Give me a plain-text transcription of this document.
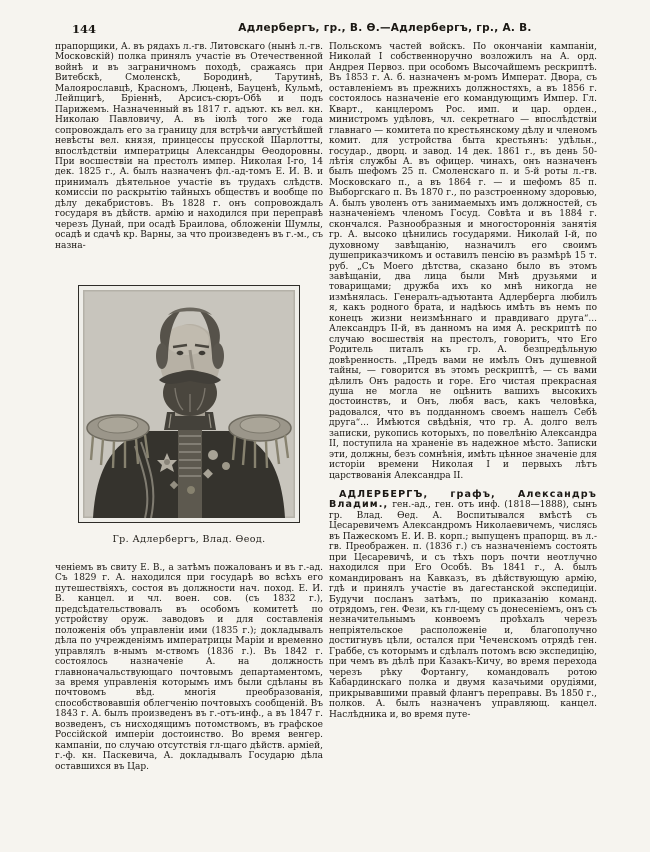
144	Адлербергъ, гр., В. Ѳ.—Адлербергъ, гр., А. В.
прапорщики, А. въ рядахъ л.-гв. Литовскаго (нынѣ л.-гв. Московскій) полка принялъ участіе въ Отечественной войнѣ и въ заграничномъ походѣ, сражаясь при Витебскѣ, Смоленскѣ, Бородинѣ, Тарутинѣ, Малоярославцѣ, Красномъ, Люценѣ, Бауценѣ, Кульмѣ, Лейпцигѣ, Бріеннѣ, Арсисъ-сюръ-Обѣ и подъ Парижемъ. Назначенный въ 1817 г. адъют. къ вел. кн. Николаю Павловичу, А. въ іюлѣ того же года сопровождалъ его за границу для встрѣчи августѣйшей невѣсты вел. князя, принцессы прусской Шарлотты, впослѣдствіи императрицы Александры Ѳеодоровны. При восшествіи на престолъ импер. Николая I-го, 14 дек. 1825 г., А. былъ назначенъ фл.-ад-томъ Е. И. В. и принималъ дѣятельное участіе въ трудахъ слѣдств. комиссіи по раскрытію тайныхъ обществъ и вообще по дѣлу декабристовъ. Въ 1828 г. онъ сопровождалъ государя въ дѣйств. армію и находился при переправѣ черезъ Дунай, при осадѣ Браилова, обложеніи Шумлы, осадѣ и сдачѣ кр. Варны, за что произведенъ въ г.-м., съ назна-
Гр. Адлербергъ, Влад. Ѳеод.
ченіемъ въ свиту Е. В., а затѣмъ пожалованъ и въ г.-ад. Съ 1829 г. А. находился при государѣ во всѣхъ его путешествіяхъ, состоя въ должности нач. поход. Е. И. В. канцел. и чл. воен. сов. (съ 1832 г.), предсѣдательствовалъ въ особомъ комитетѣ по устройству оруж. заводовъ и для составленія положенія объ управленіи ими (1835 г.); докладывалъ дѣла по учрежденіямъ императрицы Маріи и временно управлялъ в-нымъ м-ствомъ (1836 г.). Въ 1842 г. состоялось назначеніе А. на должность главноначальствующаго почтовымъ департаментомъ, за время управленія которымъ имъ были сдѣланы въ почтовомъ вѣд. многія преобразованія, способствовавшія облегченію почтовыхъ сообщеній. Въ 1843 г. А. былъ произведенъ въ г.-отъ-инф., а въ 1847 г. возведенъ, съ нисходящимъ потомствомъ, въ графское Россійской имперіи достоинство. Во время венгер. кампаніи, по случаю отсутствія гл-щаго дѣйств. арміей, г.-ф. кн. Паскевича, А. докладывалъ Государю дѣла оставшихся въ Цар.

Польскомъ частей войскъ. По окончаніи кампаніи, Николай I собственноручно возложилъ на А. орд. Андрея Первоз. при особомъ Высочайшемъ рескриптѣ. Въ 1853 г. А. б. назначенъ м-ромъ Императ. Двора, съ оставленіемъ въ прежнихъ должностяхъ, а въ 1856 г. состоялось назначеніе его командующимъ Импер. Гл. Кварт., канцлеромъ Рос. имп. и цар. орден., министромъ удѣловъ, чл. секретнаго — впослѣдствіи главнаго — комитета по крестьянскому дѣлу и членомъ комит. для устройства быта крестьянъ: удѣльн., государ., дворц. и завод. 14 дек. 1861 г., въ день 50-лѣтія службы А. въ офицер. чинахъ, онъ назначенъ былъ шефомъ 25 п. Смоленскаго п. и 5-й роты л.-гв. Московскаго п., а въ 1864 г. — и шефомъ 85 п. Выборгскаго п. Въ 1870 г., по разстроенному здоровью, А. былъ уволенъ отъ занимаемыхъ имъ должностей, съ назначеніемъ членомъ Госуд. Совѣта и въ 1884 г. скончался. Разнообразныя и многостороннія занятія гр. А. высоко цѣнились государями. Николай I-й, по духовному завѣщанію, назначилъ его своимъ душеприказчикомъ и оставилъ пенсію въ размѣрѣ 15 т. руб. „Съ Моего дѣтства, сказано было въ этомъ завѣщаніи, два лица были Мнѣ друзьями и товарищами; дружба ихъ ко мнѣ никогда не измѣнялась. Генералъ-адъютанта Адлерберга любилъ я, какъ родного брата, и надѣюсь имѣть въ немъ по конецъ жизни неизмѣннаго и правдиваго друга“... Александръ II-й, въ данномъ на имя А. рескриптѣ по случаю восшествія на престолъ, говоритъ, что Его Родитель питалъ къ гр. А. безпредѣльную довѣренность. „Предъ вами не имѣлъ Онъ душевной тайны, — говорится въ этомъ рескриптѣ, — съ вами дѣлилъ Онъ радость и горе. Его чистая прекрасная душа не могла не оцѣнить вашихъ высокихъ достоинствъ, и Онъ, любя васъ, какъ человѣка, радовался, что въ подданномъ своемъ нашелъ Себѣ друга“... Имѣются свѣдѣнія, что гр. А. долго велъ записки, рукопись которыхъ, по повелѣнію Александра II, поступила на храненіе въ надежное мѣсто. Записки эти, должны, безъ сомнѣнія, имѣть цѣнное значеніе для исторіи времени Николая I и первыхъ лѣтъ царствованія Александра II.

АДЛЕРБЕРГЪ, графъ, Александръ Владим., ген.-ад., ген. отъ инф. (1818—1888), сынъ гр. Влад. Ѳед. А. Воспитывался вмѣстѣ съ Цесаревичемъ Александромъ Николаевичемъ, числясь въ Пажескомъ Е. И. В. корп.; выпущенъ прапорщ. въ л.-гв. Преображен. п. (1836 г.) съ назначеніемъ состоять при Цесаревичѣ, и съ тѣхъ поръ почти неотлучно находился при Его Особѣ. Въ 1841 г., А. былъ командированъ на Кавказъ, въ дѣйствующую армію, гдѣ и принялъ участіе въ дагестанской экспедиціи. Будучи посланъ затѣмъ, по приказанію команд. отрядомъ, ген. Фези, къ гл-щему съ донесеніемъ, онъ съ незначительнымъ конвоемъ проѣхалъ черезъ непріятельское расположеніе и, благополучно достигнувъ цѣли, остался при Чеченскомъ отрядѣ ген. Граббе, съ которымъ и сдѣлалъ потомъ всю экспедицію, при чемъ въ дѣлѣ при Казакъ-Кичу, во время перехода черезъ рѣку Фортангу, командовалъ ротою Кабардинскаго полка и двумя казачьими орудіями, прикрывавшими правый флангъ переправы. Въ 1850 г., полков. А. былъ назначенъ управляющ. канцел. Наслѣдника и, во время путе-
